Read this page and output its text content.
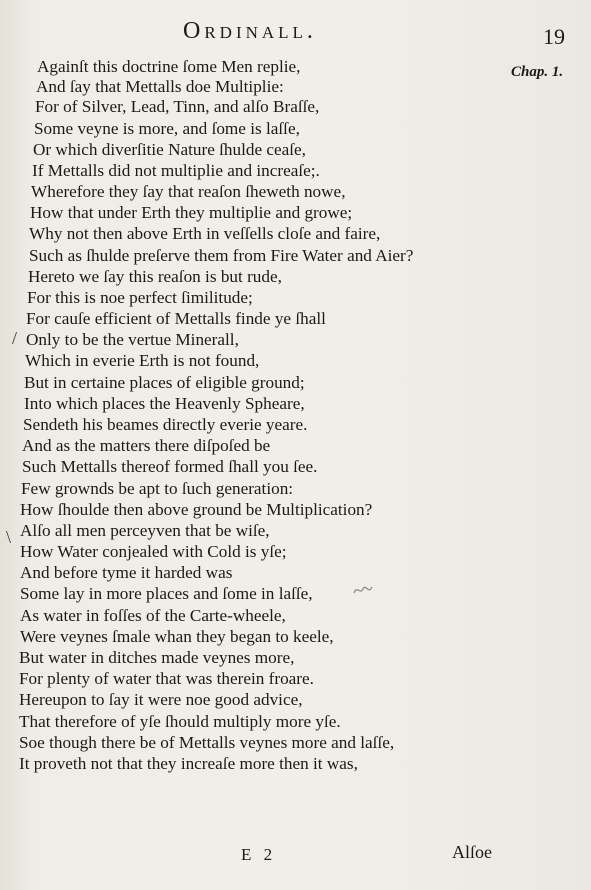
Ordinall.	19
Chap. 1.
/
\
Againſt this doctrine ſome Men replie,
And ſay that Mettalls doe Multiplie:
For of Silver, Lead, Tinn, and alſo Braſſe,
Some veyne is more, and ſome is laſſe,
Or which diverſitie Nature ſhulde ceaſe,
If Mettalls did not multiplie and increaſe;.
Wherefore they ſay that reaſon ſheweth nowe,
How that under Erth they multiplie and growe;
Why not then above Erth in veſſells cloſe and faire,
Such as ſhulde preſerve them from Fire Water and Aier?
Hereto we ſay this reaſon is but rude,
For this is noe perfect ſimilitude;
For cauſe efficient of Mettalls finde ye ſhall
Only to be the vertue Minerall,
Which in everie Erth is not found,
But in certaine places of eligible ground;
Into which places the Heavenly Spheare,
Sendeth his beames directly everie yeare.
And as the matters there diſpoſed be
Such Mettalls thereof formed ſhall you ſee.
Few grownds be apt to ſuch generation:
How ſhoulde then above ground be Multiplication?
Alſo all men perceyven that be wiſe,
How Water conjealed with Cold is yſe;
And before tyme it harded was
Some lay in more places and ſome in laſſe,
As water in foſſes of the Carte-wheele,
Were veynes ſmale whan they began to keele,
But water in ditches made veynes more,
For plenty of water that was therein froare.
Hereupon to ſay it were noe good advice,
That therefore of yſe ſhould multiply more yſe.
Soe though there be of Mettalls veynes more and laſſe,
It proveth not that they increaſe more then it was,
E 2	Alſoe
